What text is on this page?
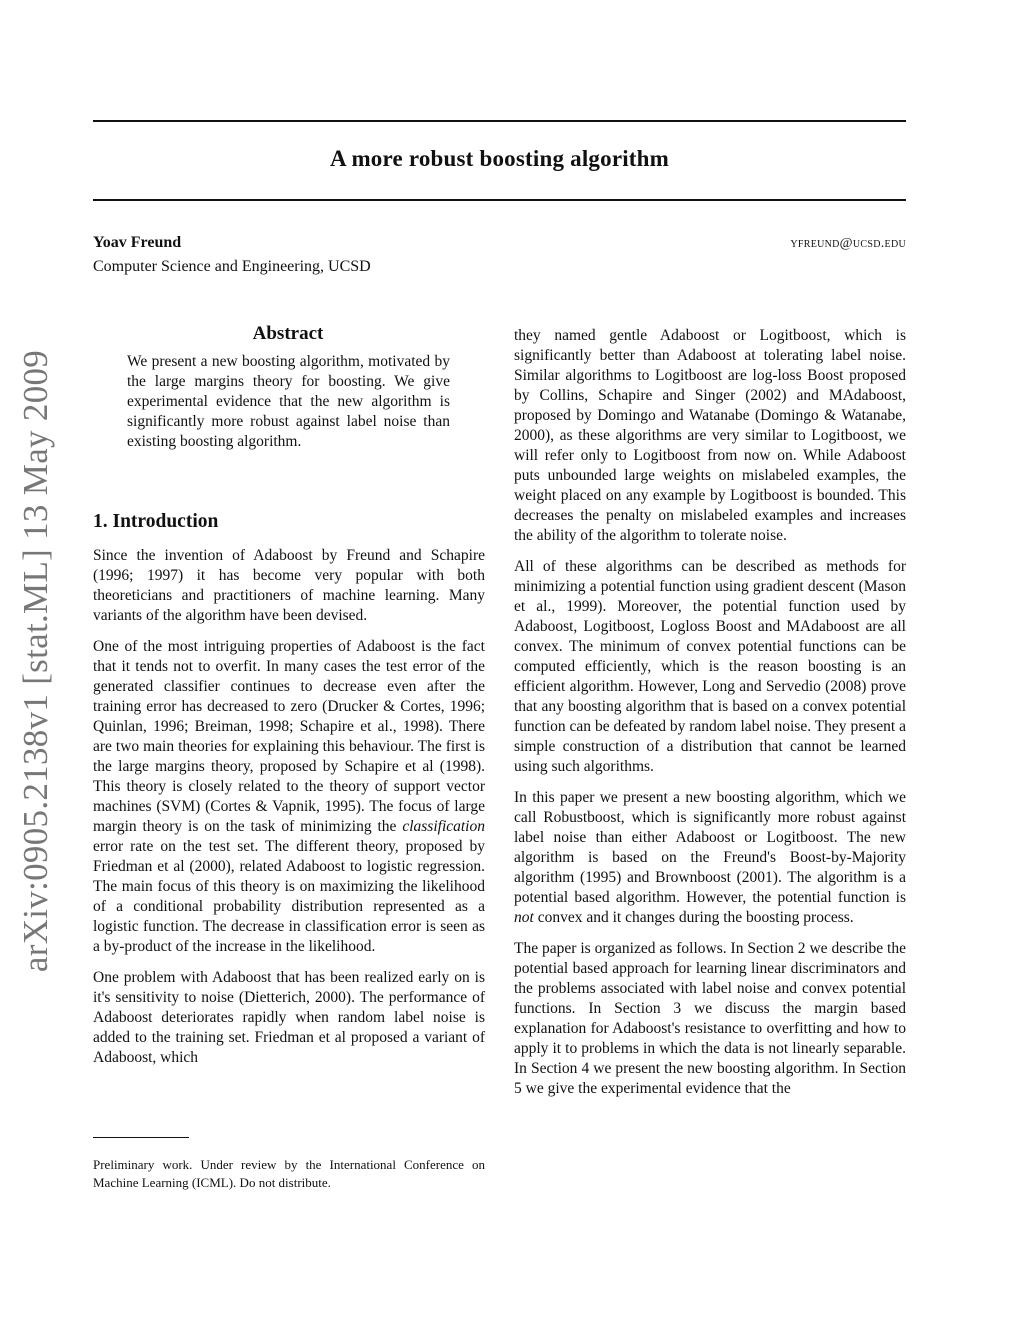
arXiv:0905.2138v1 [stat.ML] 13 May 2009
A more robust boosting algorithm
Yoav Freund	yfreund@ucsd.edu
Computer Science and Engineering, UCSD
Abstract
We present a new boosting algorithm, motivated by the large margins theory for boosting. We give experimental evidence that the new algorithm is significantly more robust against label noise than existing boosting algorithm.
1. Introduction

Since the invention of Adaboost by Freund and Schapire (1996; 1997) it has become very popular with both theoreticians and practitioners of machine learning. Many variants of the algorithm have been devised.

One of the most intriguing properties of Adaboost is the fact that it tends not to overfit. In many cases the test error of the generated classifier continues to decrease even after the training error has decreased to zero (Drucker & Cortes, 1996; Quinlan, 1996; Breiman, 1998; Schapire et al., 1998). There are two main theories for explaining this behaviour. The first is the large margins theory, proposed by Schapire et al (1998). This theory is closely related to the theory of support vector machines (SVM) (Cortes & Vapnik, 1995). The focus of large margin theory is on the task of minimizing the classification error rate on the test set. The different theory, proposed by Friedman et al (2000), related Adaboost to logistic regression. The main focus of this theory is on maximizing the likelihood of a conditional probability distribution represented as a logistic function. The decrease in classification error is seen as a by-product of the increase in the likelihood.

One problem with Adaboost that has been realized early on is it's sensitivity to noise (Dietterich, 2000). The performance of Adaboost deteriorates rapidly when random label noise is added to the training set. Friedman et al proposed a variant of Adaboost, which

they named gentle Adaboost or Logitboost, which is significantly better than Adaboost at tolerating label noise. Similar algorithms to Logitboost are log-loss Boost proposed by Collins, Schapire and Singer (2002) and MAdaboost, proposed by Domingo and Watanabe (Domingo & Watanabe, 2000), as these algorithms are very similar to Logitboost, we will refer only to Logitboost from now on. While Adaboost puts unbounded large weights on mislabeled examples, the weight placed on any example by Logitboost is bounded. This decreases the penalty on mislabeled examples and increases the ability of the algorithm to tolerate noise.

All of these algorithms can be described as methods for minimizing a potential function using gradient descent (Mason et al., 1999). Moreover, the potential function used by Adaboost, Logitboost, Logloss Boost and MAdaboost are all convex. The minimum of convex potential functions can be computed efficiently, which is the reason boosting is an efficient algorithm. However, Long and Servedio (2008) prove that any boosting algorithm that is based on a convex potential function can be defeated by random label noise. They present a simple construction of a distribution that cannot be learned using such algorithms.

In this paper we present a new boosting algorithm, which we call Robustboost, which is significantly more robust against label noise than either Adaboost or Logitboost. The new algorithm is based on the Freund's Boost-by-Majority algorithm (1995) and Brownboost (2001). The algorithm is a potential based algorithm. However, the potential function is not convex and it changes during the boosting process.

The paper is organized as follows. In Section 2 we describe the potential based approach for learning linear discriminators and the problems associated with label noise and convex potential functions. In Section 3 we discuss the margin based explanation for Adaboost's resistance to overfitting and how to apply it to problems in which the data is not linearly separable. In Section 4 we present the new boosting algorithm. In Section 5 we give the experimental evidence that the

Preliminary work. Under review by the International Conference on Machine Learning (ICML). Do not distribute.
